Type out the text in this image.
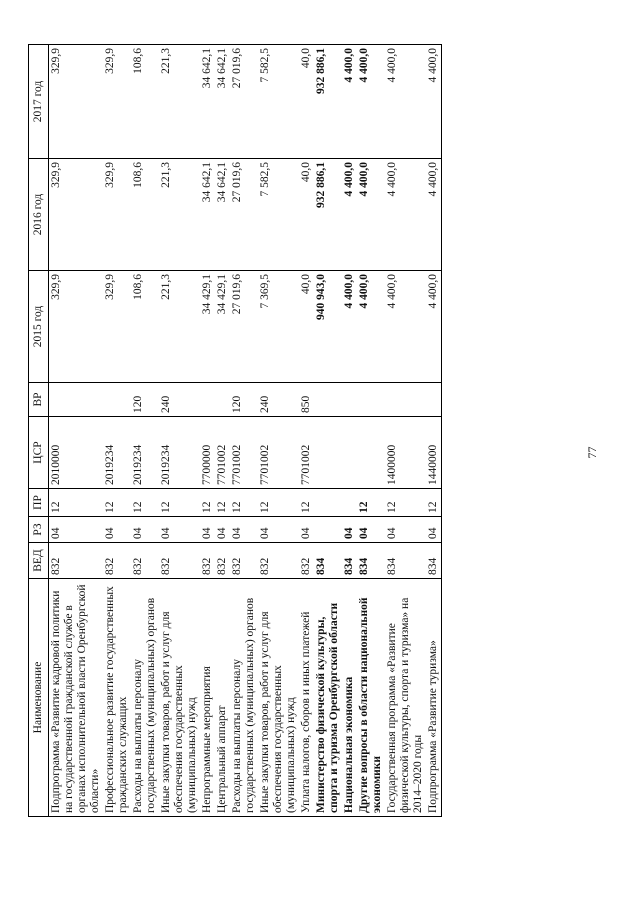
Наименование	ВЕД	РЗ	ПР	ЦСР	ВР	2015 год	2016 год	2017 год
Подпрограмма «Развитие кадровой политики на государственной гражданской службе в органах исполнительной власти Оренбургской области»	832	04	12	2010000		329,9	329,9	329,9
Профессиональное развитие государственных гражданских служащих	832	04	12	2019234		329,9	329,9	329,9
Расходы на выплаты персоналу государственных (муниципальных) органов	832	04	12	2019234	120	108,6	108,6	108,6
Иные закупки товаров, работ и услуг для обеспечения государственных (муниципальных) нужд	832	04	12	2019234	240	221,3	221,3	221,3
Непрограммные мероприятия	832	04	12	7700000		34 429,1	34 642,1	34 642,1
Центральный аппарат	832	04	12	7701002		34 429,1	34 642,1	34 642,1
Расходы на выплаты персоналу государственных (муниципальных) органов	832	04	12	7701002	120	27 019,6	27 019,6	27 019,6
Иные закупки товаров, работ и услуг для обеспечения государственных (муниципальных) нужд	832	04	12	7701002	240	7 369,5	7 582,5	7 582,5
Уплата налогов, сборов и иных платежей	832	04	12	7701002	850	40,0	40,0	40,0
Министерство физической культуры, спорта и туризма Оренбургской области	834					940 943,0	932 886,1	932 886,1
Национальная экономика	834	04				4 400,0	4 400,0	4 400,0
Другие вопросы в области национальной экономики	834	04	12			4 400,0	4 400,0	4 400,0
Государственная программа «Развитие физической культуры, спорта и туризма» на 2014–2020 годы	834	04	12	1400000		4 400,0	4 400,0	4 400,0
Подпрограмма «Развитие туризма»	834	04	12	1440000		4 400,0	4 400,0	4 400,0
77
